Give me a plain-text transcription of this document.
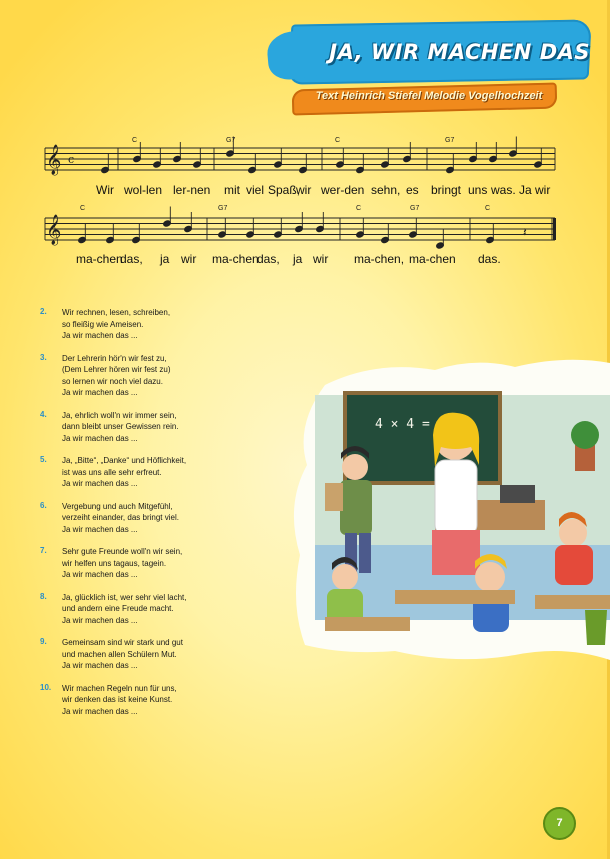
JA, WIR MACHEN DAS
Text Heinrich Stiefel Melodie Vogelhochzeit
𝄞
𝄞
c
C	G7	C	G7
C	G7	C	G7	C
𝄽
Wir wol-len ler-nen mit viel Spaß,
wir wer-den sehn, es bringt uns was. Ja wir
ma-chen
das, ja wir ma-chen
das, ja wir ma-chen, ma-chen das.
2. Wir rechnen, lesen, schreiben,
so fleißig wie Ameisen.
Ja wir machen das ...
3. Der Lehrerin hör'n wir fest zu,
(Dem Lehrer hören wir fest zu)
so lernen wir noch viel dazu.
Ja wir machen das ...
4. Ja, ehrlich woll'n wir immer sein,
dann bleibt unser Gewissen rein.
Ja wir machen das ...
5. Ja, „Bitte“, „Danke“ und Höflichkeit,
ist was uns alle sehr erfreut.
Ja wir machen das ...
6. Vergebung und auch Mitgefühl,
verzeiht einander, das bringt viel.
Ja wir machen das ...
7. Sehr gute Freunde woll'n wir sein,
wir helfen uns tagaus, tagein.
Ja wir machen das ...
8. Ja, glücklich ist, wer sehr viel lacht,
und andern eine Freude macht.
Ja wir machen das ...
9. Gemeinsam sind wir stark und gut
und machen allen Schülern Mut.
Ja wir machen das ...
10. Wir machen Regeln nun für uns,
wir denken das ist keine Kunst.
Ja wir machen das ...
4 × 4 =
7
